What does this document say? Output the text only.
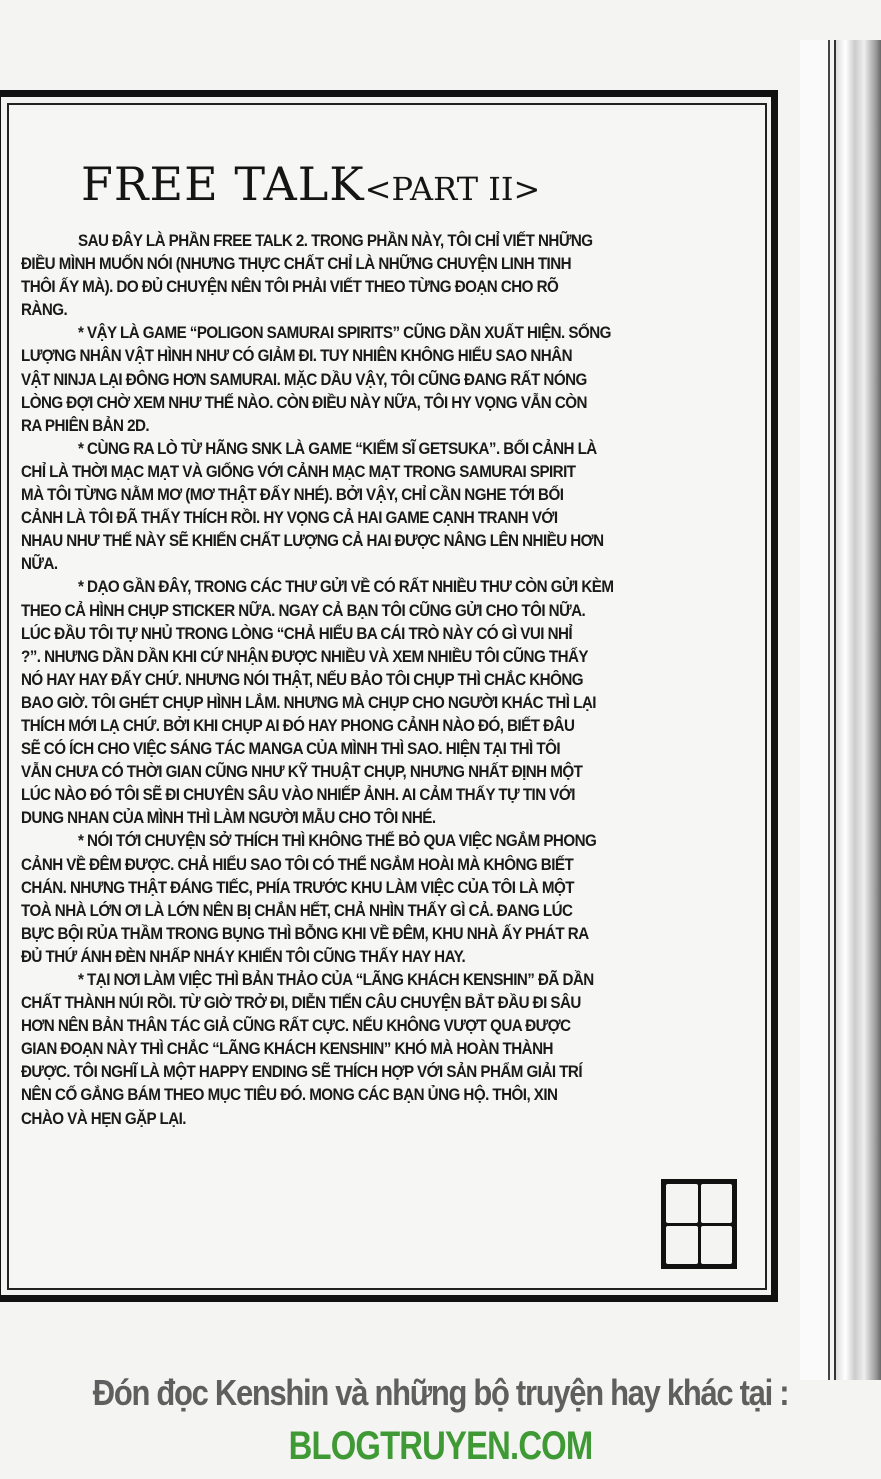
FREE TALK<PART II>
SAU ĐÂY LÀ PHẦN FREE TALK 2. TRONG PHẦN NÀY, TÔI CHỈ VIẾT NHỮNG
ĐIỀU MÌNH MUỐN NÓI (NHƯNG THỰC CHẤT CHỈ LÀ NHỮNG CHUYỆN LINH TINH
THÔI ẤY MÀ). DO ĐỦ CHUYỆN NÊN TÔI PHẢI VIẾT THEO TỪNG ĐOẠN CHO RÕ
RÀNG.
* VẬY LÀ GAME “POLIGON SAMURAI SPIRITS” CŨNG DẦN XUẤT HIỆN. SỐNG
LƯỢNG NHÂN VẬT HÌNH NHƯ CÓ GIẢM ĐI. TUY NHIÊN KHÔNG HIỂU SAO NHÂN
VẬT NINJA LẠI ĐÔNG HƠN SAMURAI. MẶC DẦU VẬY, TÔI CŨNG ĐANG RẤT NÓNG
LÒNG ĐỢI CHỜ XEM NHƯ THẾ NÀO. CÒN ĐIỀU NÀY NỮA, TÔI HY VỌNG VẪN CÒN
RA PHIÊN BẢN 2D.
* CÙNG RA LÒ TỪ HÃNG SNK LÀ GAME “KIẾM SĨ GETSUKA”. BỐI CẢNH LÀ
CHỈ LÀ THỜI MẠC MẠT VÀ GIỐNG VỚI CẢNH MẠC MẠT TRONG SAMURAI SPIRIT
MÀ TÔI TỪNG NẰM MƠ (MƠ THẬT ĐẤY NHÉ). BỞI VẬY, CHỈ CẦN NGHE TỚI BỐI
CẢNH LÀ TÔI ĐÃ THẤY THÍCH RỒI. HY VỌNG CẢ HAI GAME CẠNH TRANH VỚI
NHAU NHƯ THẾ NÀY SẼ KHIẾN CHẤT LƯỢNG CẢ HAI ĐƯỢC NÂNG LÊN NHIỀU HƠN
NỮA.
* DẠO GẦN ĐÂY, TRONG CÁC THƯ GỬI VỀ CÓ RẤT NHIỀU THƯ CÒN GỬI KÈM
THEO CẢ HÌNH CHỤP STICKER NỮA. NGAY CẢ BẠN TÔI CŨNG GỬI CHO TÔI NỮA.
LÚC ĐẦU TÔI TỰ NHỦ TRONG LÒNG “CHẢ HIỂU BA CÁI TRÒ NÀY CÓ GÌ VUI NHỈ
?”. NHƯNG DẦN DẦN KHI CỨ NHẬN ĐƯỢC NHIỀU VÀ XEM NHIỀU TÔI CŨNG THẤY
NÓ HAY HAY ĐẤY CHỨ. NHƯNG NÓI THẬT, NẾU BẢO TÔI CHỤP THÌ CHẮC KHÔNG
BAO GIỜ. TÔI GHÉT CHỤP HÌNH LẮM. NHƯNG MÀ CHỤP CHO NGƯỜI KHÁC THÌ LẠI
THÍCH MỚI LẠ CHỨ. BỞI KHI CHỤP AI ĐÓ HAY PHONG CẢNH NÀO ĐÓ, BIẾT ĐÂU
SẼ CÓ ÍCH CHO VIỆC SÁNG TÁC MANGA CỦA MÌNH THÌ SAO. HIỆN TẠI THÌ TÔI
VẪN CHƯA CÓ THỜI GIAN CŨNG NHƯ KỸ THUẬT CHỤP, NHƯNG NHẤT ĐỊNH MỘT
LÚC NÀO ĐÓ TÔI SẼ ĐI CHUYÊN SÂU VÀO NHIẾP ẢNH. AI CẢM THẤY TỰ TIN VỚI
DUNG NHAN CỦA MÌNH THÌ LÀM NGƯỜI MẪU CHO TÔI NHÉ.
* NÓI TỚI CHUYỆN SỞ THÍCH THÌ KHÔNG THỂ BỎ QUA VIỆC NGẮM PHONG
CẢNH VỀ ĐÊM ĐƯỢC. CHẢ HIỂU SAO TÔI CÓ THỂ NGẮM HOÀI MÀ KHÔNG BIẾT
CHÁN. NHƯNG THẬT ĐÁNG TIẾC, PHÍA TRƯỚC KHU LÀM VIỆC CỦA TÔI LÀ MỘT
TOÀ NHÀ LỚN ƠI LÀ LỚN NÊN BỊ CHẮN HẾT, CHẢ NHÌN THẤY GÌ CẢ. ĐANG LÚC
BỰC BỘI RỦA THẦM TRONG BỤNG THÌ BỖNG KHI VỀ ĐÊM, KHU NHÀ ẤY PHÁT RA
ĐỦ THỨ ÁNH ĐÈN NHẤP NHÁY KHIẾN TÔI CŨNG THẤY HAY HAY.
* TẠI NƠI LÀM VIỆC THÌ BẢN THẢO CỦA “LÃNG KHÁCH KENSHIN” ĐÃ DẦN
CHẤT THÀNH NÚI RỒI. TỪ GIỜ TRỞ ĐI, DIỄN TIẾN CÂU CHUYỆN BẮT ĐẦU ĐI SÂU
HƠN NÊN BẢN THÂN TÁC GIẢ CŨNG RẤT CỰC. NẾU KHÔNG VƯỢT QUA ĐƯỢC
GIAN ĐOẠN NÀY THÌ CHẮC “LÃNG KHÁCH KENSHIN” KHÓ MÀ HOÀN THÀNH
ĐƯỢC. TÔI NGHĨ LÀ MỘT HAPPY ENDING SẼ THÍCH HỢP VỚI SẢN PHẨM GIẢI TRÍ
NÊN CỐ GẮNG BÁM THEO MỤC TIÊU ĐÓ. MONG CÁC BẠN ỦNG HỘ. THÔI, XIN
CHÀO VÀ HẸN GẶP LẠI.
Đón đọc Kenshin và những bộ truyện hay khác tại :
BLOGTRUYEN.COM
